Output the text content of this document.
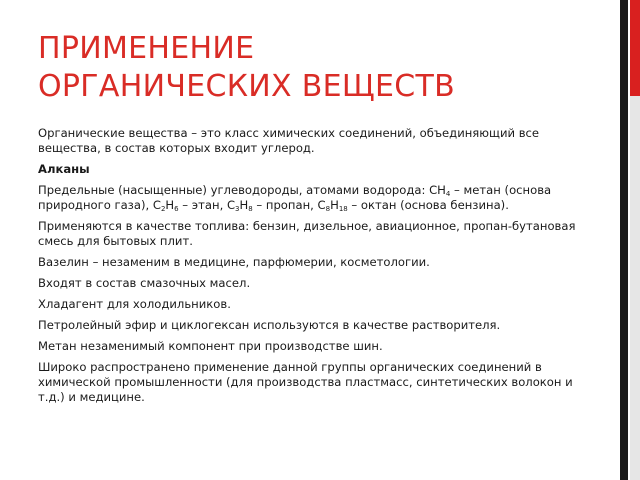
ПРИМЕНЕНИЕ
ОРГАНИЧЕСКИХ ВЕЩЕСТВ

Органические вещества – это класс химических соединений, объединяющий все вещества, в состав которых входит углерод.

Алканы

Предельные (насыщенные) углеводороды, атомами водорода: $CH_4$ – метан (основа природного газа), $C_2H_6$ – этан, $C_3H_8$ – пропан, $C_8H_{18}$ – октан (основа бензина).

Применяются в качестве топлива: бензин, дизельное, авиационное, пропан-бутановая смесь для бытовых плит.

Вазелин – незаменим в медицине, парфюмерии, косметологии.

Входят в состав смазочных масел.

Хладагент для холодильников.

Петролейный эфир и циклогексан используются в качестве растворителя.

Метан незаменимый компонент при производстве шин.

Широко распространено применение данной группы органических соединений в химической промышленности (для производства пластмасс, синтетических волокон и т.д.) и медицине.
